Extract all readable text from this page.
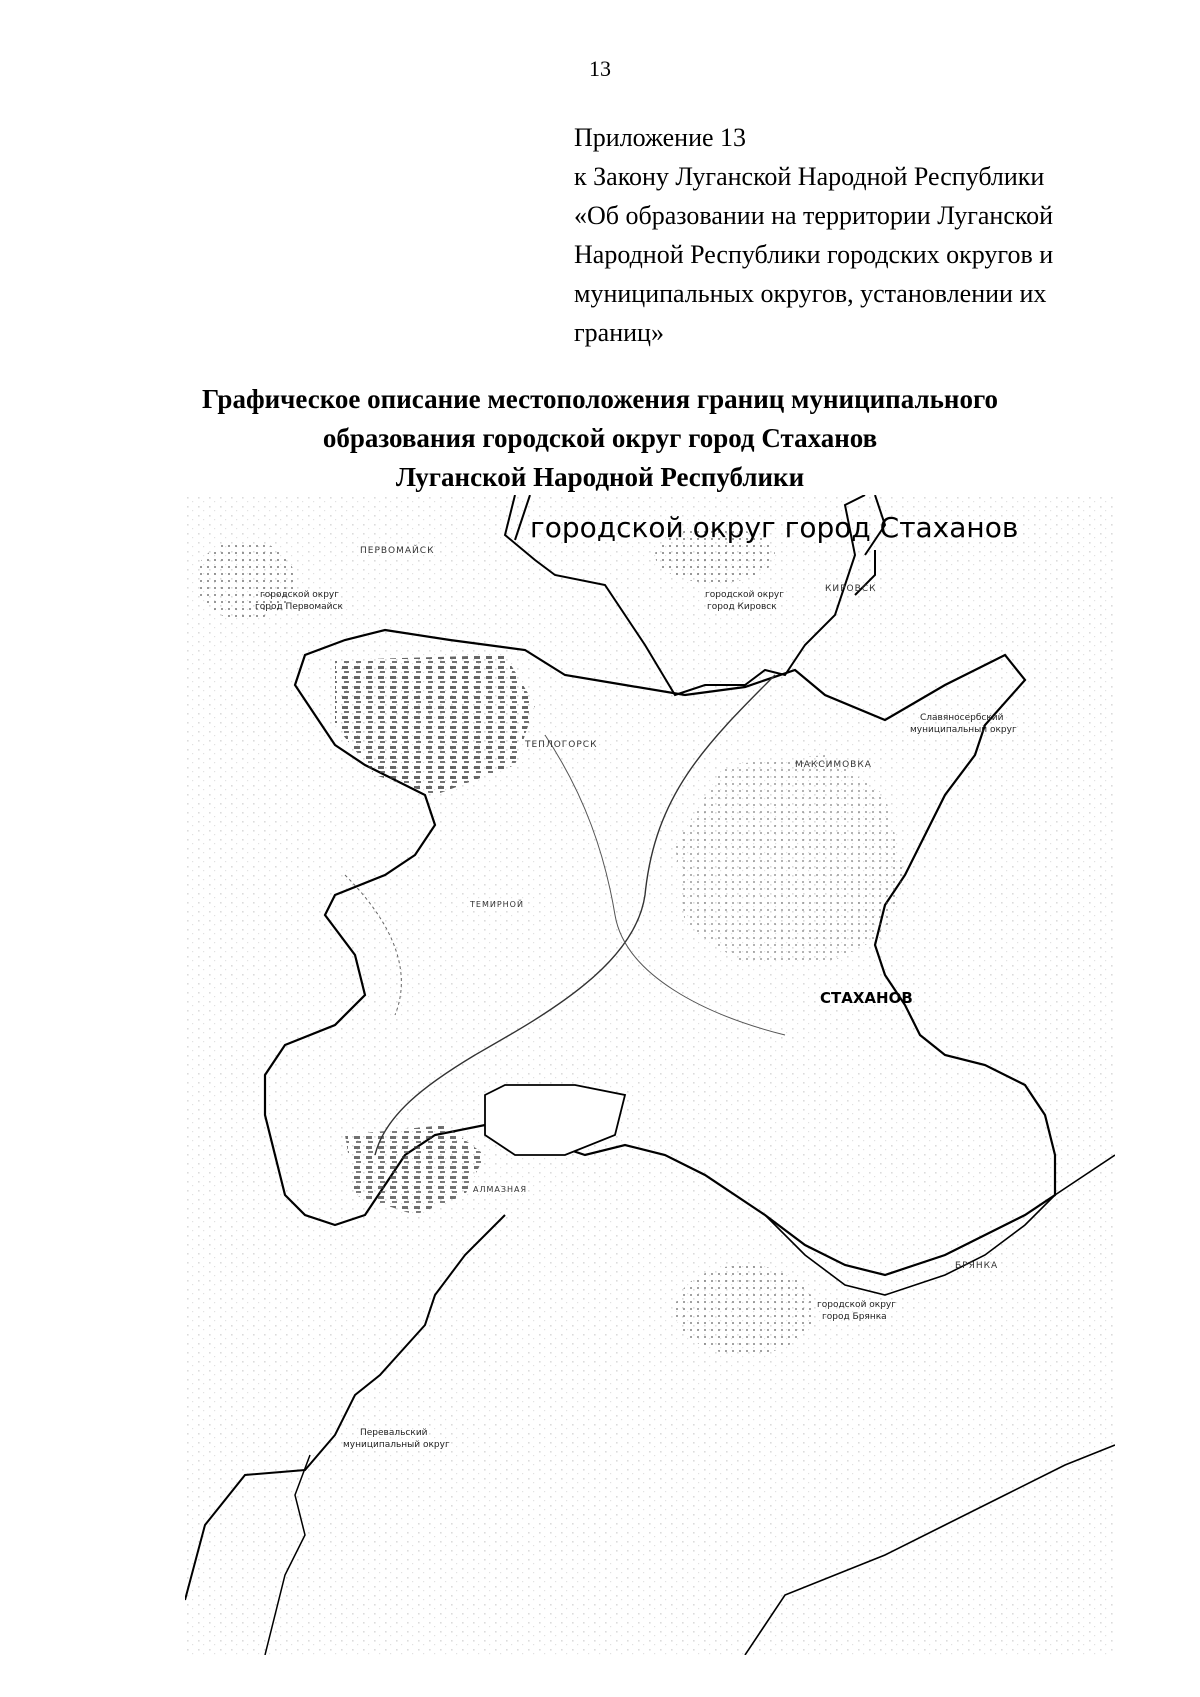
13
Приложение 13
к Закону Луганской Народной Республики
«Об образовании на территории Луганской
Народной Республики городских округов и
муниципальных округов, установлении их
границ»
Графическое описание местоположения границ муниципального
образования городской округ город Стаханов
Луганской Народной Республики
городской округ город Стаханов
ПЕРВОМАЙСК
городской округ
город Первомайск
КИРОВСК
городской округ
город Кировск
Славяносербский
муниципальный округ
ТЕПЛОГОРСК
МАКСИМОВКА
ТЕМИРНОЙ
СТАХАНОВ
АЛМАЗНАЯ
БРЯНКА
городской округ
город Брянка
Перевальский
муниципальный округ
